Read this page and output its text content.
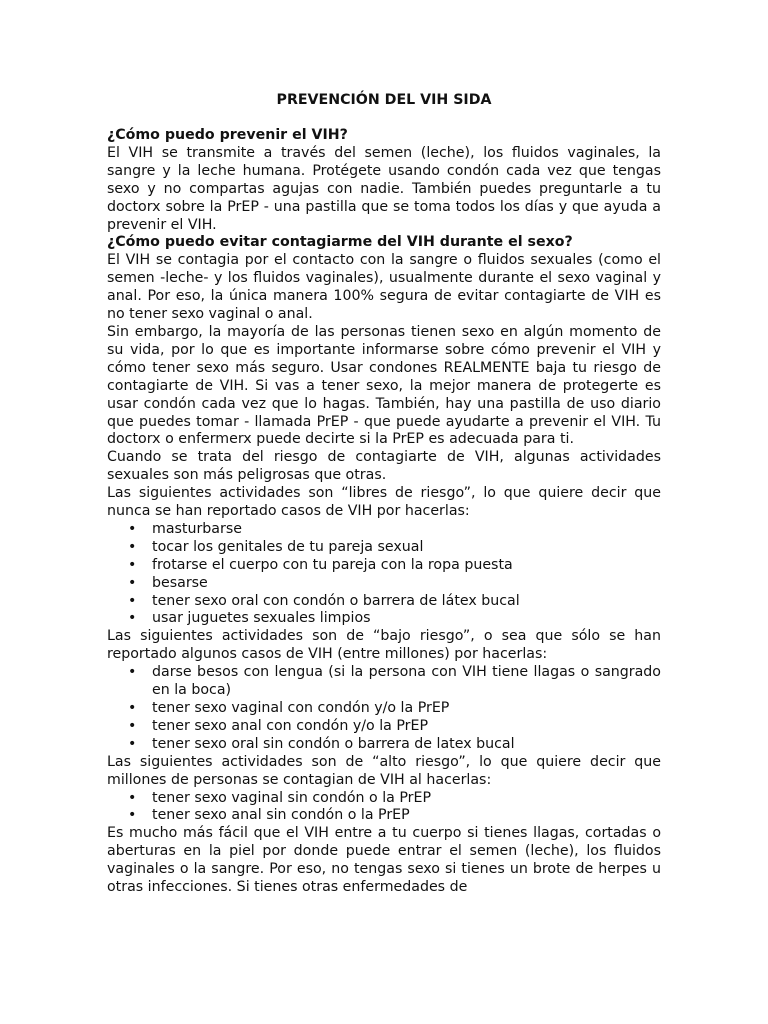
PREVENCIÓN DEL VIH SIDA
¿Cómo puedo prevenir el VIH?

El VIH se transmite a través del semen (leche), los fluidos vaginales, la sangre y la leche humana. Protégete usando condón cada vez que tengas sexo y no compartas agujas con nadie. También puedes preguntarle a tu doctorx sobre la PrEP - una pastilla que se toma todos los días y que ayuda a prevenir el VIH.

¿Cómo puedo evitar contagiarme del VIH durante el sexo?

El VIH se contagia por el contacto con la sangre o fluidos sexuales (como el semen -leche- y los fluidos vaginales), usualmente durante el sexo vaginal y anal. Por eso, la única manera 100% segura de evitar contagiarte de VIH es no tener sexo vaginal o anal.

Sin embargo, la mayoría de las personas tienen sexo en algún momento de su vida, por lo que es importante informarse sobre cómo prevenir el VIH y cómo tener sexo más seguro. Usar condones REALMENTE baja tu riesgo de contagiarte de VIH. Si vas a tener sexo, la mejor manera de protegerte es usar condón cada vez que lo hagas. También, hay una pastilla de uso diario que puedes tomar - llamada PrEP - que puede ayudarte a prevenir el VIH. Tu doctorx o enfermerx puede decirte si la PrEP es adecuada para ti.

Cuando se trata del riesgo de contagiarte de VIH, algunas actividades sexuales son más peligrosas que otras.

Las siguientes actividades son “libres de riesgo”, lo que quiere decir que nunca se han reportado casos de VIH por hacerlas:

• masturbarse
• tocar los genitales de tu pareja sexual
• frotarse el cuerpo con tu pareja con la ropa puesta
• besarse
• tener sexo oral con condón o barrera de látex bucal
• usar juguetes sexuales limpios

Las siguientes actividades son de “bajo riesgo”, o sea que sólo se han reportado algunos casos de VIH (entre millones) por hacerlas:

• darse besos con lengua (si la persona con VIH tiene llagas o sangrado en la boca)
• tener sexo vaginal con condón y/o la PrEP
• tener sexo anal con condón y/o la PrEP
• tener sexo oral sin condón o barrera de latex bucal

Las siguientes actividades son de “alto riesgo”, lo que quiere decir que millones de personas se contagian de VIH al hacerlas:

• tener sexo vaginal sin condón o la PrEP
• tener sexo anal sin condón o la PrEP

Es mucho más fácil que el VIH entre a tu cuerpo si tienes llagas, cortadas o aberturas en la piel por donde puede entrar el semen (leche), los fluidos vaginales o la sangre. Por eso, no tengas sexo si tienes un brote de herpes u otras infecciones. Si tienes otras enfermedades de
